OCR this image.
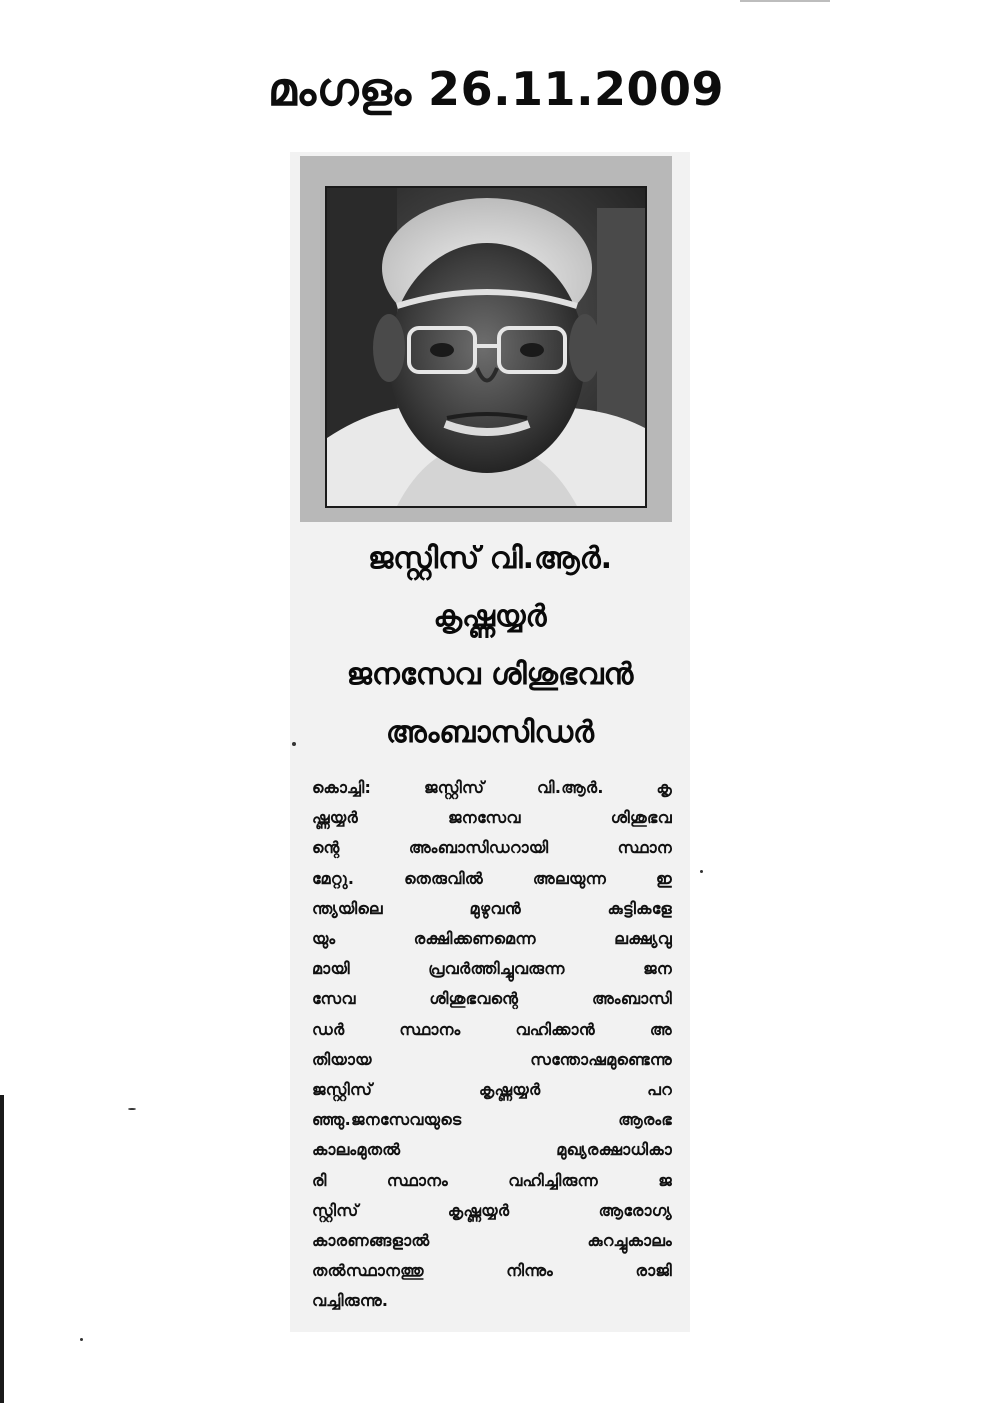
മംഗളം 26.11.2009
ജസ്റ്റിസ് വി.ആർ.
കൃഷ്ണയ്യർ
ജനസേവ ശിശുഭവൻ
അംബാസിഡർ
കൊച്ചി: ജസ്റ്റിസ് വി.ആർ. കൃ
ഷ്ണയ്യർ ജനസേവ ശിശുഭവ
ന്റെ അംബാസിഡറായി സ്ഥാന
മേറ്റു. തെരുവിൽ അലയുന്ന ഇ
ന്ത്യയിലെ മുഴുവൻ കുട്ടികളേ
യും രക്ഷിക്കണമെന്ന ലക്ഷ്യവു
മായി പ്രവർത്തിച്ചുവരുന്ന ജന
സേവ ശിശുഭവന്റെ അംബാസി
ഡർ സ്ഥാനം വഹിക്കാൻ അ
തിയായ സന്തോഷമുണ്ടെന്നു
ജസ്റ്റിസ് കൃഷ്ണയ്യർ പറ
ഞ്ഞു.ജനസേവയുടെ ആരംഭ
കാലംമുതൽ മുഖ്യരക്ഷാധികാ
രി സ്ഥാനം വഹിച്ചിരുന്ന ജ
സ്റ്റിസ് കൃഷ്ണയ്യർ ആരോഗ്യ
കാരണങ്ങളാൽ കുറച്ചുകാലം
തൽസ്ഥാനത്തു നിന്നും രാജി
വച്ചിരുന്നു.
